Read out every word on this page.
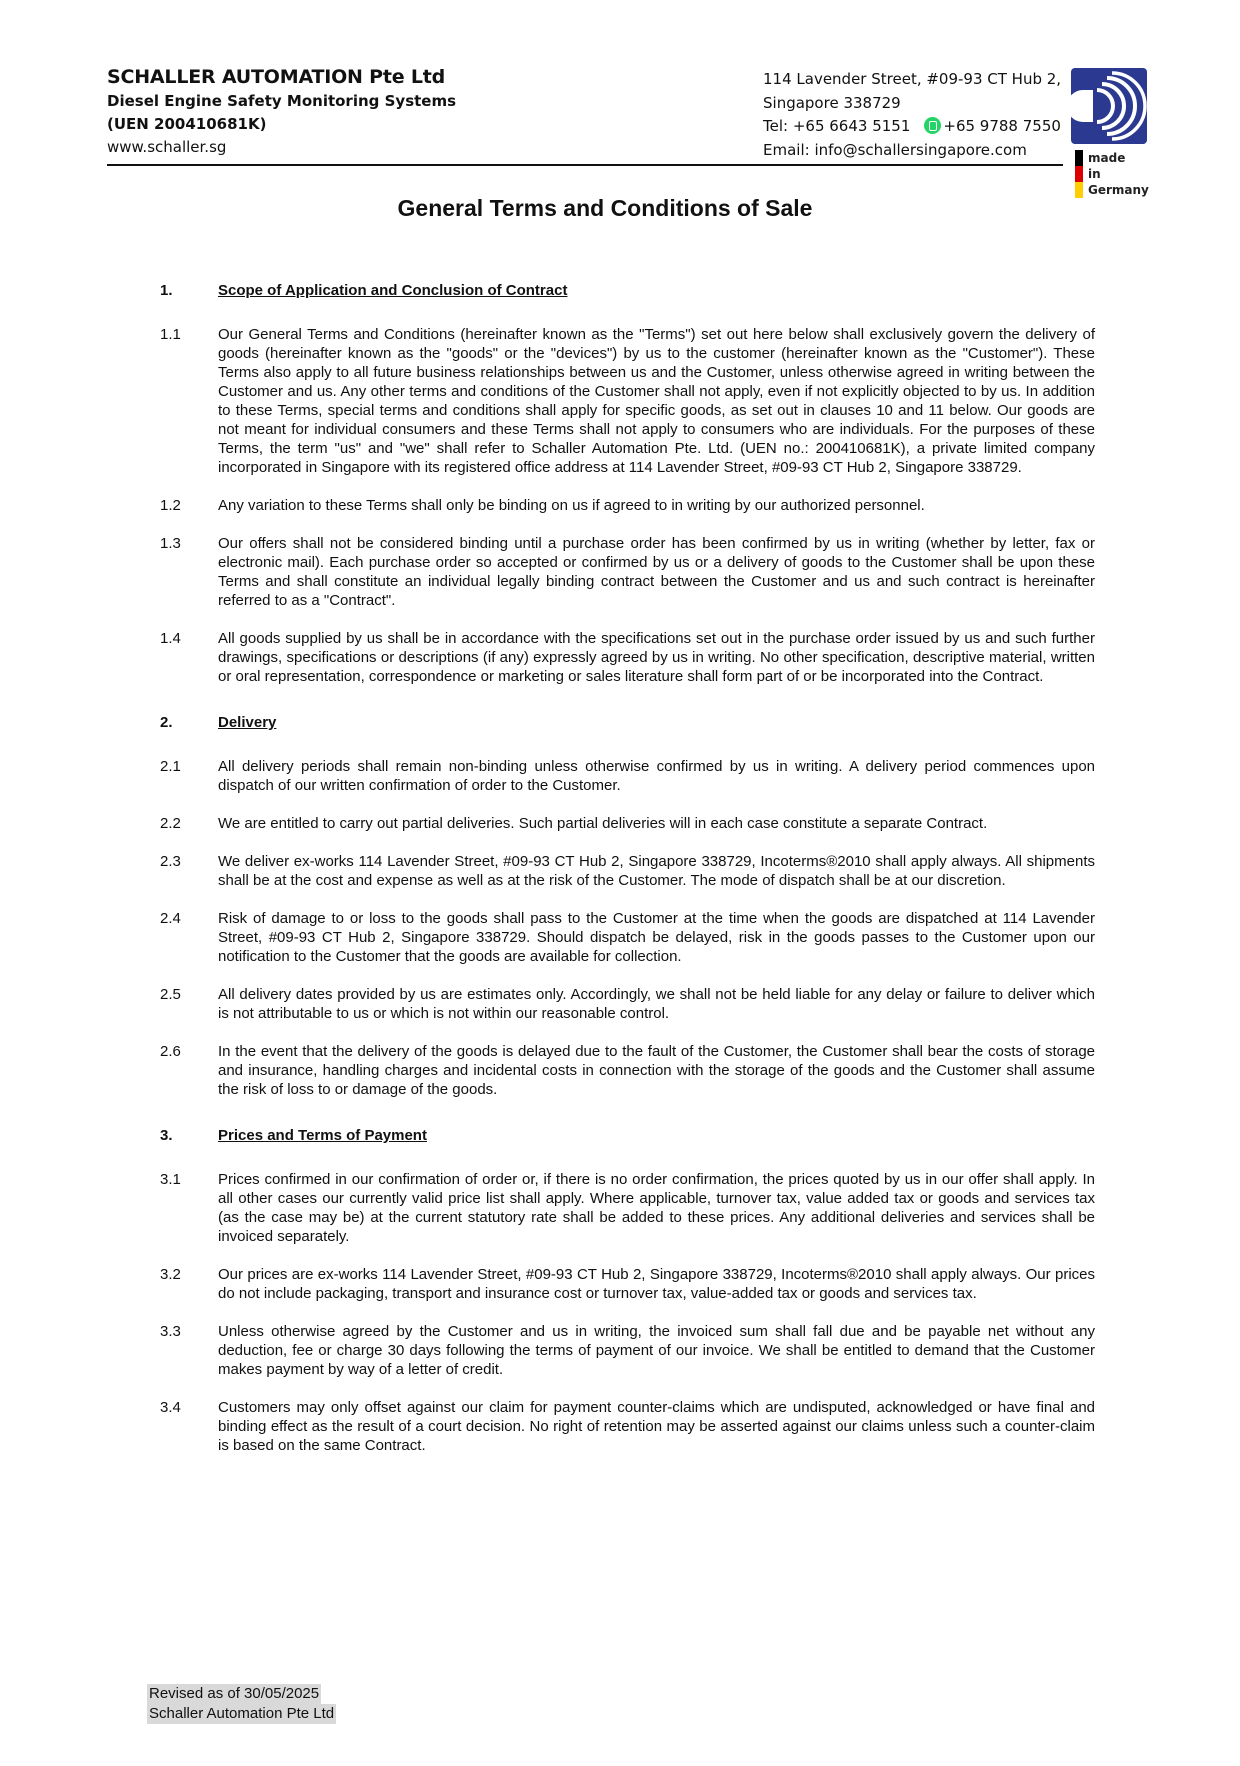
SCHALLER AUTOMATION Pte Ltd
Diesel Engine Safety Monitoring Systems
(UEN 200410681K)
www.schaller.sg
114 Lavender Street, #09-93 CT Hub 2,
Singapore 338729
Tel: +65 6643 5151 +65 9788 7550
Email: info@schallersingapore.com	made
in
Germany
General Terms and Conditions of Sale
1.	Scope of Application and Conclusion of Contract
1.1	Our General Terms and Conditions (hereinafter known as the "Terms") set out here below shall exclusively govern the delivery of goods (hereinafter known as the "goods" or the "devices") by us to the customer (hereinafter known as the "Customer"). These Terms also apply to all future business relationships between us and the Customer, unless otherwise agreed in writing between the Customer and us. Any other terms and conditions of the Customer shall not apply, even if not explicitly objected to by us. In addition to these Terms, special terms and conditions shall apply for specific goods, as set out in clauses 10 and 11 below. Our goods are not meant for individual consumers and these Terms shall not apply to consumers who are individuals. For the purposes of these Terms, the term "us" and "we" shall refer to Schaller Automation Pte. Ltd. (UEN no.: 200410681K), a private limited company incorporated in Singapore with its registered office address at 114 Lavender Street, #09-93 CT Hub 2, Singapore 338729.
1.2	Any variation to these Terms shall only be binding on us if agreed to in writing by our authorized personnel.
1.3	Our offers shall not be considered binding until a purchase order has been confirmed by us in writing (whether by letter, fax or electronic mail). Each purchase order so accepted or confirmed by us or a delivery of goods to the Customer shall be upon these Terms and shall constitute an individual legally binding contract between the Customer and us and such contract is hereinafter referred to as a "Contract".
1.4	All goods supplied by us shall be in accordance with the specifications set out in the purchase order issued by us and such further drawings, specifications or descriptions (if any) expressly agreed by us in writing. No other specification, descriptive material, written or oral representation, correspondence or marketing or sales literature shall form part of or be incorporated into the Contract.
2.	Delivery
2.1	All delivery periods shall remain non-binding unless otherwise confirmed by us in writing. A delivery period commences upon dispatch of our written confirmation of order to the Customer.
2.2	We are entitled to carry out partial deliveries. Such partial deliveries will in each case constitute a separate Contract.
2.3	We deliver ex-works 114 Lavender Street, #09-93 CT Hub 2, Singapore 338729, Incoterms®2010 shall apply always. All shipments shall be at the cost and expense as well as at the risk of the Customer. The mode of dispatch shall be at our discretion.
2.4	Risk of damage to or loss to the goods shall pass to the Customer at the time when the goods are dispatched at 114 Lavender Street, #09-93 CT Hub 2, Singapore 338729. Should dispatch be delayed, risk in the goods passes to the Customer upon our notification to the Customer that the goods are available for collection.
2.5	All delivery dates provided by us are estimates only. Accordingly, we shall not be held liable for any delay or failure to deliver which is not attributable to us or which is not within our reasonable control.
2.6	In the event that the delivery of the goods is delayed due to the fault of the Customer, the Customer shall bear the costs of storage and insurance, handling charges and incidental costs in connection with the storage of the goods and the Customer shall assume the risk of loss to or damage of the goods.
3.	Prices and Terms of Payment
3.1	Prices confirmed in our confirmation of order or, if there is no order confirmation, the prices quoted by us in our offer shall apply. In all other cases our currently valid price list shall apply. Where applicable, turnover tax, value added tax or goods and services tax (as the case may be) at the current statutory rate shall be added to these prices. Any additional deliveries and services shall be invoiced separately.
3.2	Our prices are ex-works 114 Lavender Street, #09-93 CT Hub 2, Singapore 338729, Incoterms®2010 shall apply always. Our prices do not include packaging, transport and insurance cost or turnover tax, value-added tax or goods and services tax.
3.3	Unless otherwise agreed by the Customer and us in writing, the invoiced sum shall fall due and be payable net without any deduction, fee or charge 30 days following the terms of payment of our invoice. We shall be entitled to demand that the Customer makes payment by way of a letter of credit.
3.4	Customers may only offset against our claim for payment counter-claims which are undisputed, acknowledged or have final and binding effect as the result of a court decision. No right of retention may be asserted against our claims unless such a counter-claim is based on the same Contract.
Revised as of 30/05/2025
Schaller Automation Pte Ltd
